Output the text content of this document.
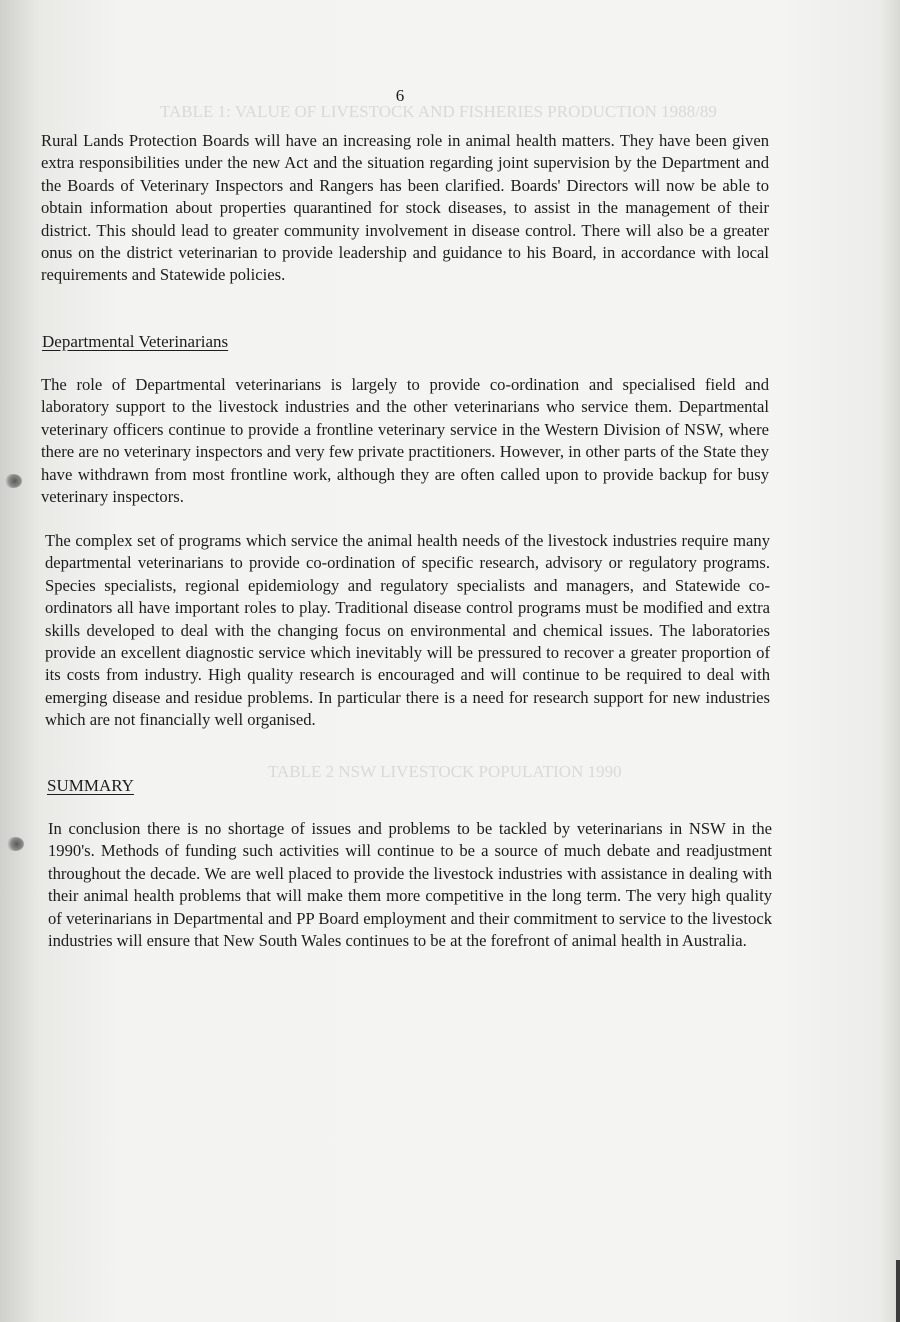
TABLE 1: VALUE OF LIVESTOCK AND FISHERIES PRODUCTION 1988/89
TABLE 2 NSW LIVESTOCK POPULATION 1990
6

Rural Lands Protection Boards will have an increasing role in animal health matters. They have been given extra responsibilities under the new Act and the situation regarding joint supervision by the Department and the Boards of Veterinary Inspectors and Rangers has been clarified. Boards' Directors will now be able to obtain information about properties quarantined for stock diseases, to assist in the management of their district. This should lead to greater community involvement in disease control. There will also be a greater onus on the district veterinarian to provide leadership and guidance to his Board, in accordance with local requirements and Statewide policies.

Departmental Veterinarians

The role of Departmental veterinarians is largely to provide co-ordination and specialised field and laboratory support to the livestock industries and the other veterinarians who service them. Departmental veterinary officers continue to provide a frontline veterinary service in the Western Division of NSW, where there are no veterinary inspectors and very few private practitioners. However, in other parts of the State they have withdrawn from most frontline work, although they are often called upon to provide backup for busy veterinary inspectors.

The complex set of programs which service the animal health needs of the livestock industries require many departmental veterinarians to provide co-ordination of specific research, advisory or regulatory programs. Species specialists, regional epidemiology and regulatory specialists and managers, and Statewide co-ordinators all have important roles to play. Traditional disease control programs must be modified and extra skills developed to deal with the changing focus on environmental and chemical issues. The laboratories provide an excellent diagnostic service which inevitably will be pressured to recover a greater proportion of its costs from industry. High quality research is encouraged and will continue to be required to deal with emerging disease and residue problems. In particular there is a need for research support for new industries which are not financially well organised.

SUMMARY

In conclusion there is no shortage of issues and problems to be tackled by veterinarians in NSW in the 1990's. Methods of funding such activities will continue to be a source of much debate and readjustment throughout the decade. We are well placed to provide the livestock industries with assistance in dealing with their animal health problems that will make them more competitive in the long term. The very high quality of veterinarians in Departmental and PP Board employment and their commitment to service to the livestock industries will ensure that New South Wales continues to be at the forefront of animal health in Australia.
